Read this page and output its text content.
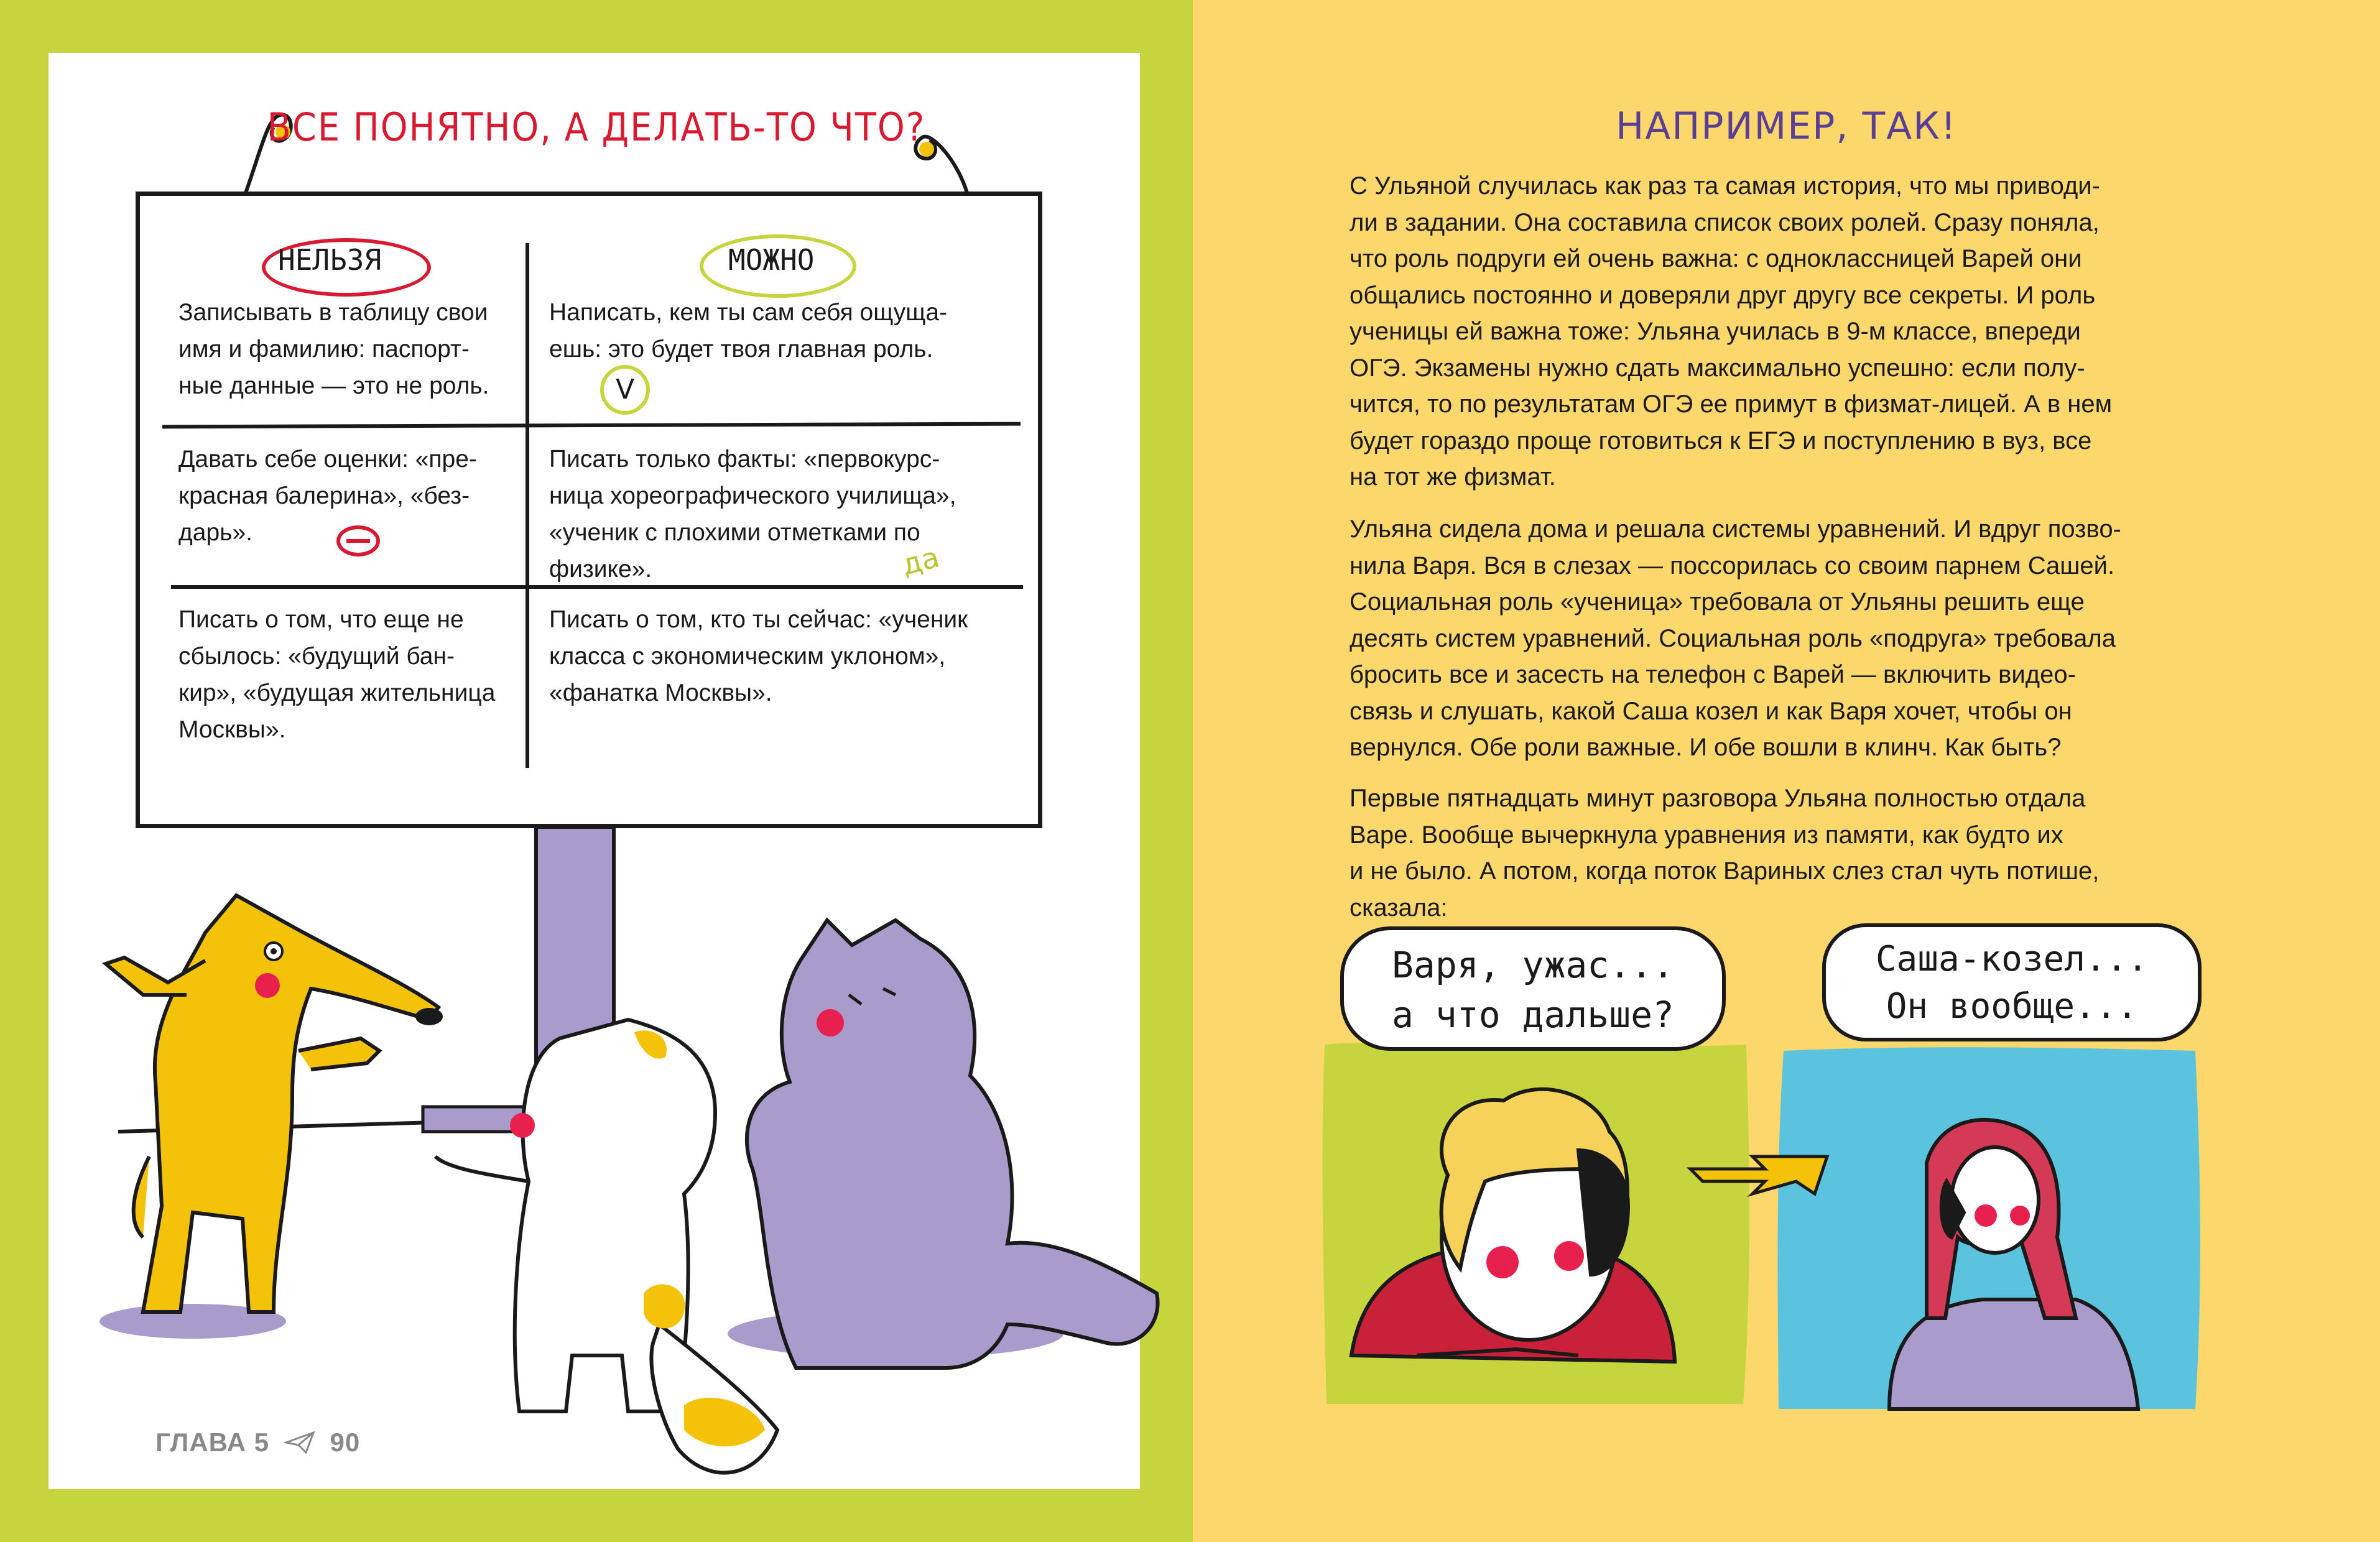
ВСЕ ПОНЯТНО, А ДЕЛАТЬ-ТО ЧТО?
НЕЛЬЗЯ	МОЖНО
Записывать в таблицу свои
имя и фамилию: паспорт-
ные данные — это не роль.
Написать, кем ты сам себя ощуща-
ешь: это будет твоя главная роль.
V
Давать себе оценки: «пре-
красная балерина», «без-
дарь».
Писать только факты: «первокурс-
ница хореографического училища»,
«ученик с плохими отметками по
физике».	да
Писать о том, что еще не
сбылось: «будущий бан-
кир», «будущая жительница
Москвы».
Писать о том, кто ты сейчас: «ученик
класса с экономическим уклоном»,
«фанатка Москвы».
ГЛАВА 5 90
НАПРИМЕР, ТАК!
С Ульяной случилась как раз та самая история, что мы приводи-
ли в задании. Она составила список своих ролей. Сразу поняла,
что роль подруги ей очень важна: с одноклассницей Варей они
общались постоянно и доверяли друг другу все секреты. И роль
ученицы ей важна тоже: Ульяна училась в 9-м классе, впереди
ОГЭ. Экзамены нужно сдать максимально успешно: если полу-
чится, то по результатам ОГЭ ее примут в физмат-лицей. А в нем
будет гораздо проще готовиться к ЕГЭ и поступлению в вуз, все
на тот же физмат.
Ульяна сидела дома и решала системы уравнений. И вдруг позво-
нила Варя. Вся в слезах — поссорилась со своим парнем Сашей.
Социальная роль «ученица» требовала от Ульяны решить еще
десять систем уравнений. Социальная роль «подруга» требовала
бросить все и засесть на телефон с Варей — включить видео-
связь и слушать, какой Саша козел и как Варя хочет, чтобы он
вернулся. Обе роли важные. И обе вошли в клинч. Как быть?
Первые пятнадцать минут разговора Ульяна полностью отдала
Варе. Вообще вычеркнула уравнения из памяти, как будто их
и не было. А потом, когда поток Вариных слез стал чуть потише,
сказала:
Варя, ужас...
а что дальше?
Саша-козел...
Он вообще...
